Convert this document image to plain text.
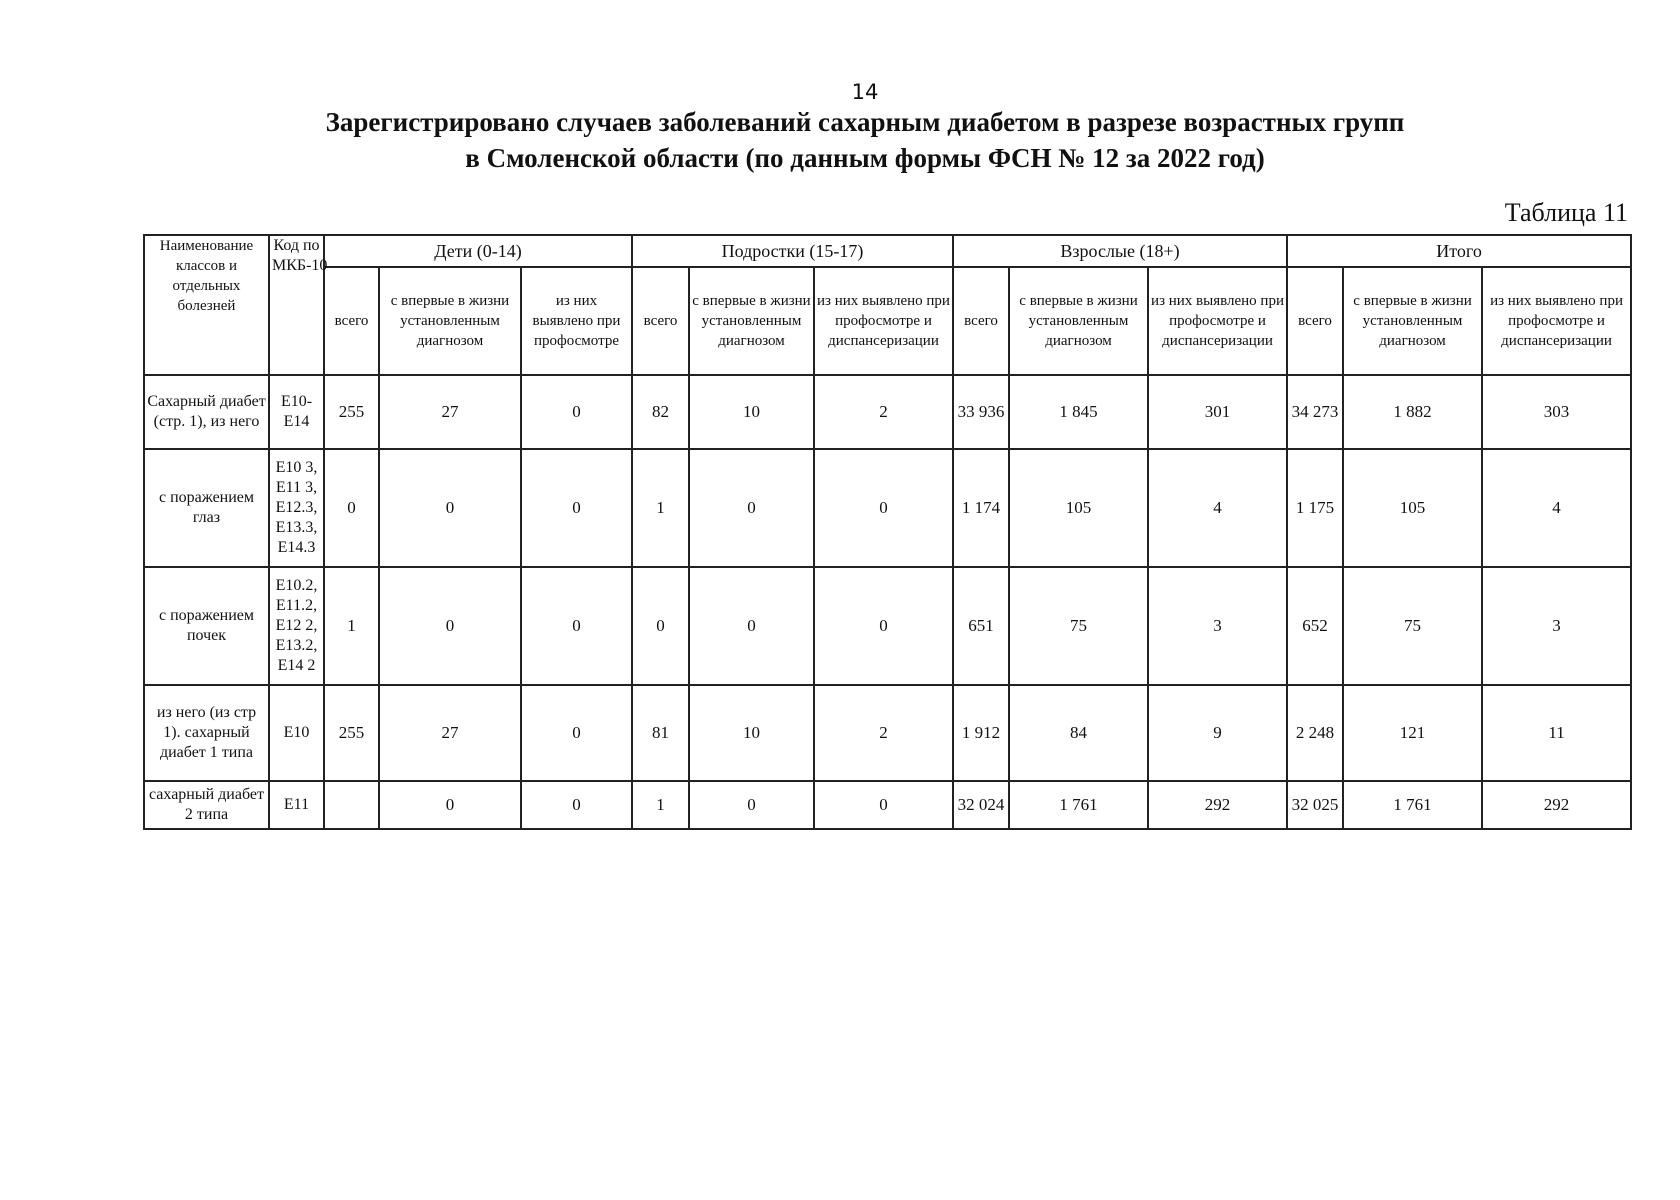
14
Зарегистрировано случаев заболеваний сахарным диабетом в разрезе возрастных групп
в Смоленской области (по данным формы ФСН № 12 за 2022 год)
Таблица 11
Наименование классов и отдельных болезней	Код по МКБ-10	Дети (0-14)			Подростки (15-17)			Взрослые (18+)			Итого		
		всего	с впервые в жизни установленным диагнозом	из них выявлено при профосмотре	всего	с впервые в жизни установленным диагнозом	из них выявлено при профосмотре и диспансеризации	всего	с впервые в жизни установленным диагнозом	из них выявлено при профосмотре и диспансеризации	всего	с впервые в жизни установленным диагнозом	из них выявлено при профосмотре и диспансеризации
Сахарный диабет (стр. 1), из него	Е10-Е14	255	27	0	82	10	2	33 936	1 845	301	34 273	1 882	303
с поражением глаз	Е10 3, Е11 3, Е12.3, Е13.3, Е14.3	0	0	0	1	0	0	1 174	105	4	1 175	105	4
с поражением почек	Е10.2, Е11.2, Е12 2, Е13.2, Е14 2	1	0	0	0	0	0	651	75	3	652	75	3
из него (из стр 1). сахарный диабет 1 типа	Е10	255	27	0	81	10	2	1 912	84	9	2 248	121	11
сахарный диабет 2 типа	Е11		0	0	1	0	0	32 024	1 761	292	32 025	1 761	292
